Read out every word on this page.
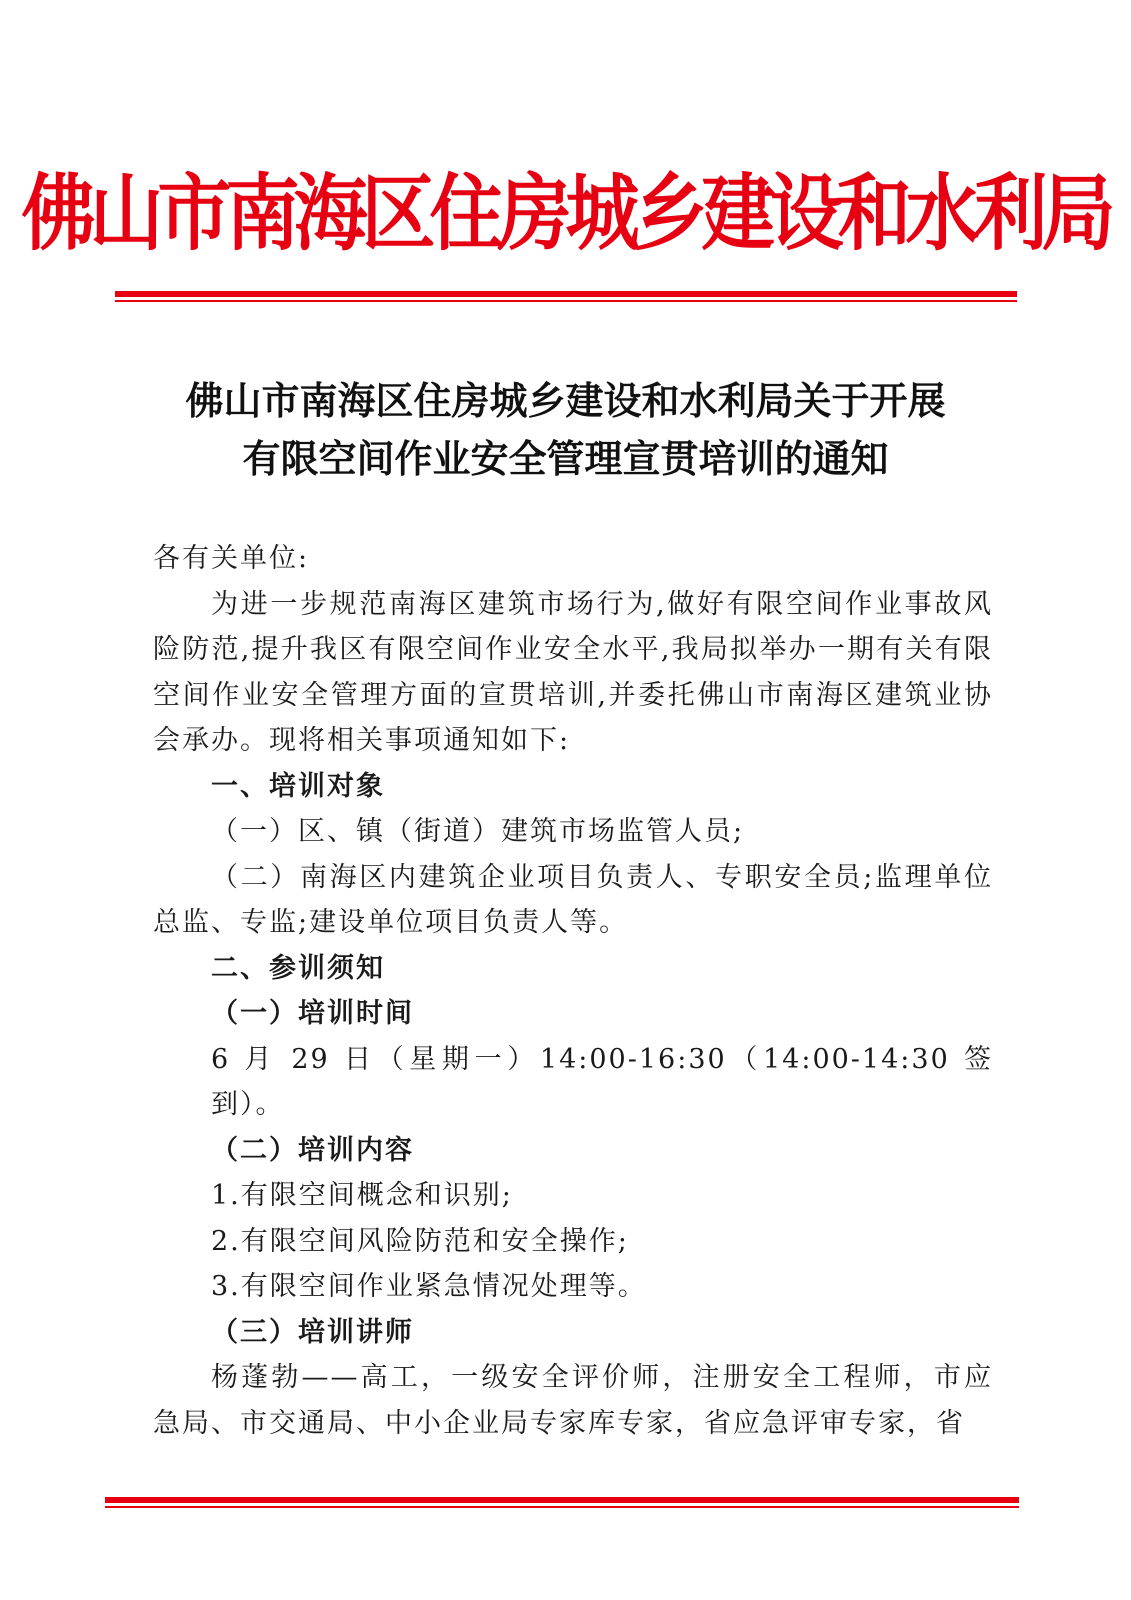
佛山市南海区住房城乡建设和水利局
佛山市南海区住房城乡建设和水利局关于开展
有限空间作业安全管理宣贯培训的通知

各有关单位:

为进一步规范南海区建筑市场行为,做好有限空间作业事故风险防范,提升我区有限空间作业安全水平,我局拟举办一期有关有限空间作业安全管理方面的宣贯培训,并委托佛山市南海区建筑业协会承办。现将相关事项通知如下:

一、培训对象

（一）区、镇（街道）建筑市场监管人员;

（二）南海区内建筑企业项目负责人、专职安全员;监理单位总监、专监;建设单位项目负责人等。

二、参训须知

（一）培训时间

6 月 29 日（星期一）14:00-16:30（14:00-14:30 签到）。

（二）培训内容

1.有限空间概念和识别;

2.有限空间风险防范和安全操作;

3.有限空间作业紧急情况处理等。

（三）培训讲师

杨蓬勃——高工，一级安全评价师，注册安全工程师，市应急局、市交通局、中小企业局专家库专家，省应急评审专家，省
